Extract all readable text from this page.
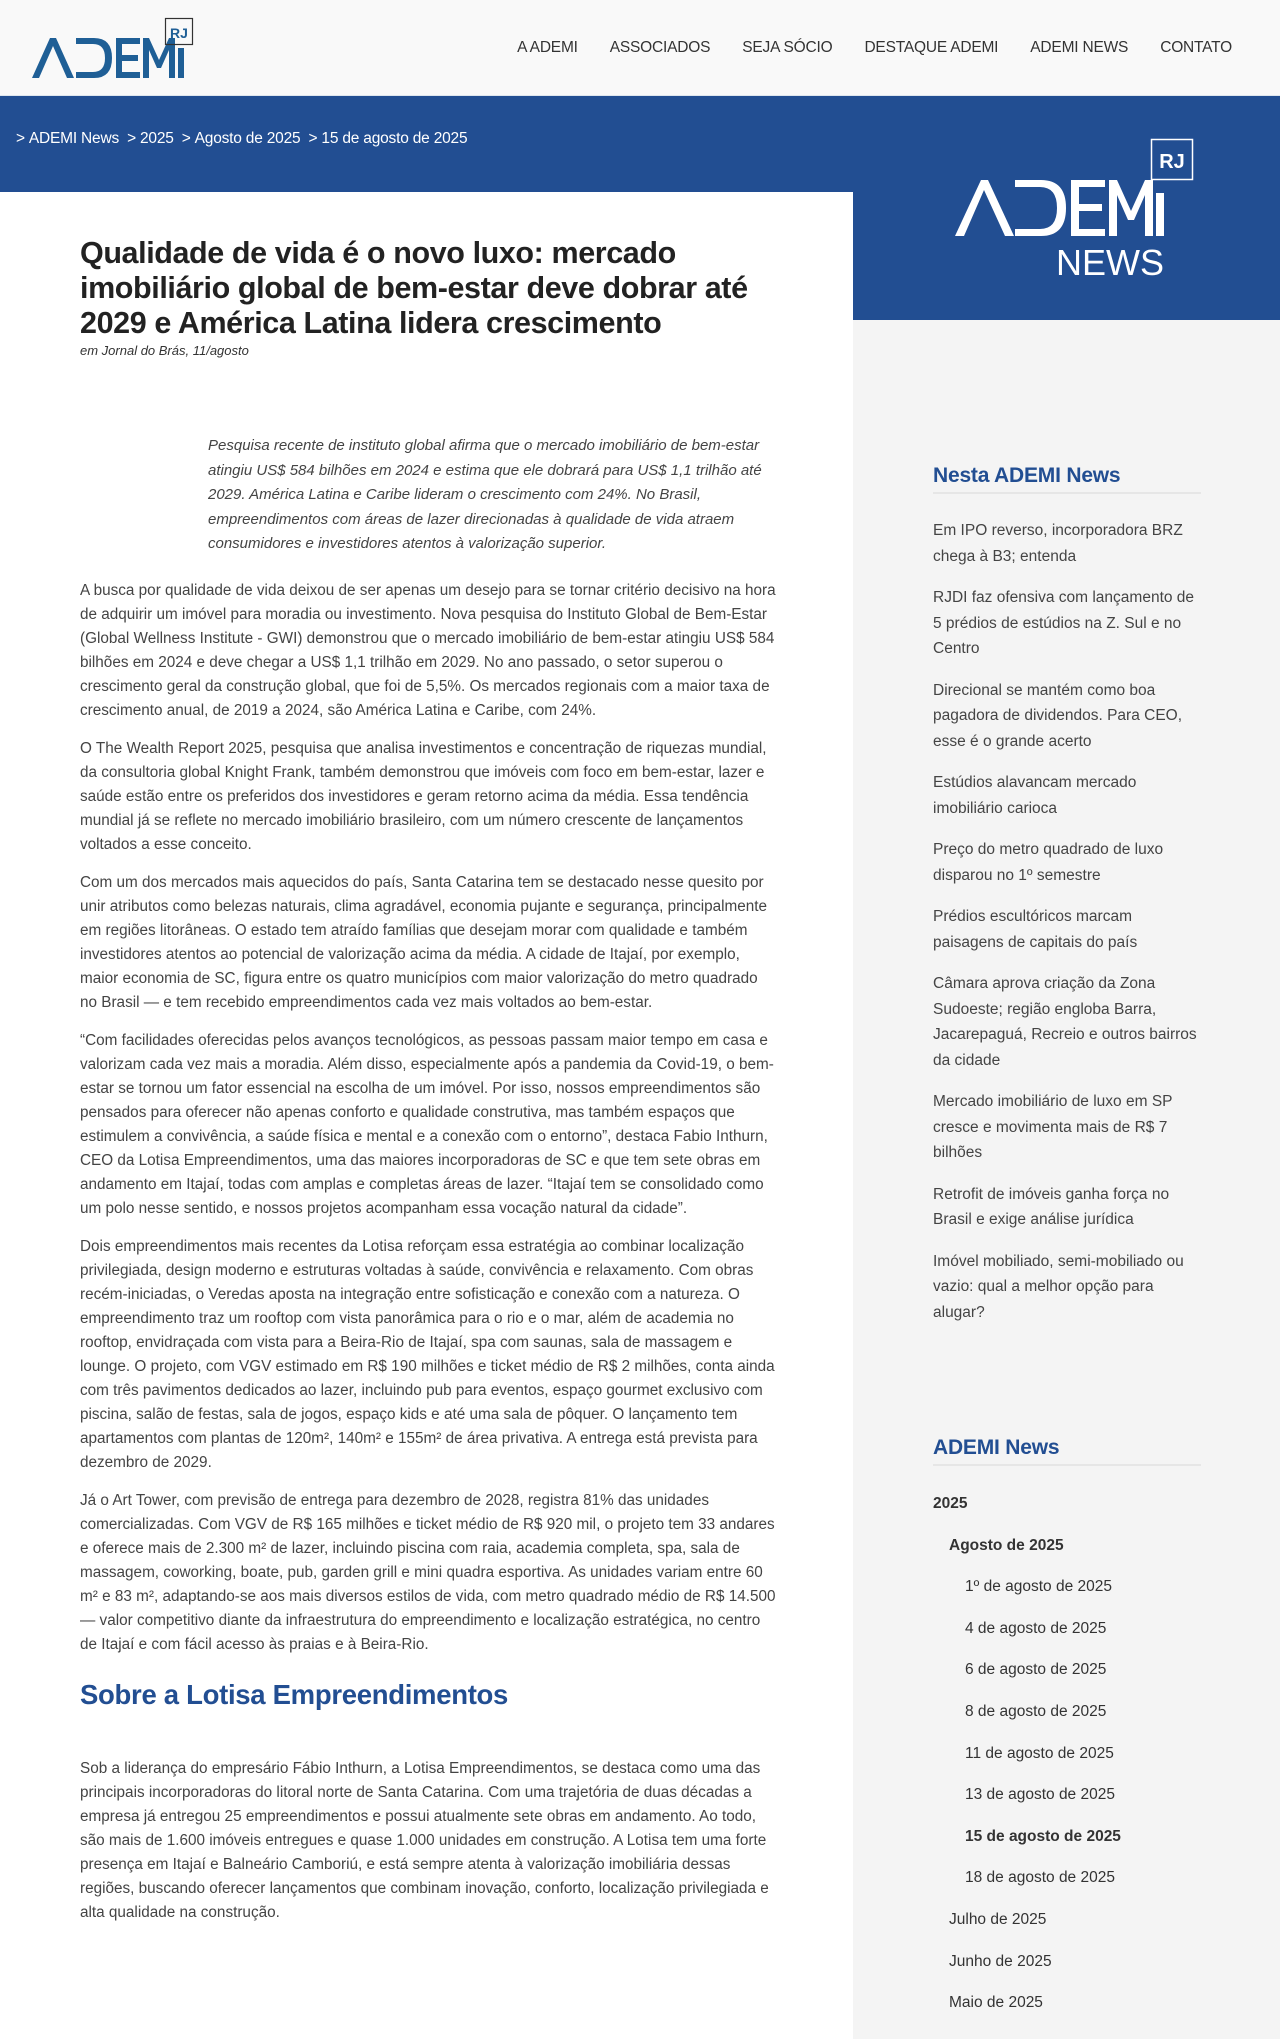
RJ
A ADEMI	ASSOCIADOS	SEJA SÓCIO	DESTAQUE ADEMI	ADEMI NEWS	CONTATO
> ADEMI News > 2025 > Agosto de 2025 > 15 de agosto de 2025
RJ
NEWS
Nesta ADEMI News
Em IPO reverso, incorporadora BRZ chega à B3; entenda
RJDI faz ofensiva com lançamento de 5 prédios de estúdios na Z. Sul e no Centro
Direcional se mantém como boa pagadora de dividendos. Para CEO, esse é o grande acerto
Estúdios alavancam mercado imobiliário carioca
Preço do metro quadrado de luxo disparou no 1º semestre
Prédios escultóricos marcam paisagens de capitais do país
Câmara aprova criação da Zona Sudoeste; região engloba Barra, Jacarepaguá, Recreio e outros bairros da cidade
Mercado imobiliário de luxo em SP cresce e movimenta mais de R$ 7 bilhões
Retrofit de imóveis ganha força no Brasil e exige análise jurídica
Imóvel mobiliado, semi-mobiliado ou vazio: qual a melhor opção para alugar?
ADEMI News
2025
Agosto de 2025
1º de agosto de 2025
4 de agosto de 2025
6 de agosto de 2025
8 de agosto de 2025
11 de agosto de 2025
13 de agosto de 2025
15 de agosto de 2025
18 de agosto de 2025
Julho de 2025
Junho de 2025
Maio de 2025
Qualidade de vida é o novo luxo: mercado imobiliário global de bem-estar deve dobrar até 2029 e América Latina lidera crescimento

em Jornal do Brás, 11/agosto

Pesquisa recente de instituto global afirma que o mercado imobiliário de bem-estar atingiu US$ 584 bilhões em 2024 e estima que ele dobrará para US$ 1,1 trilhão até 2029. América Latina e Caribe lideram o crescimento com 24%. No Brasil, empreendimentos com áreas de lazer direcionadas à qualidade de vida atraem consumidores e investidores atentos à valorização superior.

A busca por qualidade de vida deixou de ser apenas um desejo para se tornar critério decisivo na hora de adquirir um imóvel para moradia ou investimento. Nova pesquisa do Instituto Global de Bem-Estar (Global Wellness Institute - GWI) demonstrou que o mercado imobiliário de bem-estar atingiu US$ 584 bilhões em 2024 e deve chegar a US$ 1,1 trilhão em 2029. No ano passado, o setor superou o crescimento geral da construção global, que foi de 5,5%. Os mercados regionais com a maior taxa de crescimento anual, de 2019 a 2024, são América Latina e Caribe, com 24%.

O The Wealth Report 2025, pesquisa que analisa investimentos e concentração de riquezas mundial, da consultoria global Knight Frank, também demonstrou que imóveis com foco em bem-estar, lazer e saúde estão entre os preferidos dos investidores e geram retorno acima da média. Essa tendência mundial já se reflete no mercado imobiliário brasileiro, com um número crescente de lançamentos voltados a esse conceito.

Com um dos mercados mais aquecidos do país, Santa Catarina tem se destacado nesse quesito por unir atributos como belezas naturais, clima agradável, economia pujante e segurança, principalmente em regiões litorâneas. O estado tem atraído famílias que desejam morar com qualidade e também investidores atentos ao potencial de valorização acima da média. A cidade de Itajaí, por exemplo, maior economia de SC, figura entre os quatro municípios com maior valorização do metro quadrado no Brasil — e tem recebido empreendimentos cada vez mais voltados ao bem-estar.

“Com facilidades oferecidas pelos avanços tecnológicos, as pessoas passam maior tempo em casa e valorizam cada vez mais a moradia. Além disso, especialmente após a pandemia da Covid-19, o bem-estar se tornou um fator essencial na escolha de um imóvel. Por isso, nossos empreendimentos são pensados para oferecer não apenas conforto e qualidade construtiva, mas também espaços que estimulem a convivência, a saúde física e mental e a conexão com o entorno”, destaca Fabio Inthurn, CEO da Lotisa Empreendimentos, uma das maiores incorporadoras de SC e que tem sete obras em andamento em Itajaí, todas com amplas e completas áreas de lazer. “Itajaí tem se consolidado como um polo nesse sentido, e nossos projetos acompanham essa vocação natural da cidade”.

Dois empreendimentos mais recentes da Lotisa reforçam essa estratégia ao combinar localização privilegiada, design moderno e estruturas voltadas à saúde, convivência e relaxamento. Com obras recém-iniciadas, o Veredas aposta na integração entre sofisticação e conexão com a natureza. O empreendimento traz um rooftop com vista panorâmica para o rio e o mar, além de academia no rooftop, envidraçada com vista para a Beira-Rio de Itajaí, spa com saunas, sala de massagem e lounge. O projeto, com VGV estimado em R$ 190 milhões e ticket médio de R$ 2 milhões, conta ainda com três pavimentos dedicados ao lazer, incluindo pub para eventos, espaço gourmet exclusivo com piscina, salão de festas, sala de jogos, espaço kids e até uma sala de pôquer. O lançamento tem apartamentos com plantas de 120m², 140m² e 155m² de área privativa. A entrega está prevista para dezembro de 2029.

Já o Art Tower, com previsão de entrega para dezembro de 2028, registra 81% das unidades comercializadas. Com VGV de R$ 165 milhões e ticket médio de R$ 920 mil, o projeto tem 33 andares e oferece mais de 2.300 m² de lazer, incluindo piscina com raia, academia completa, spa, sala de massagem, coworking, boate, pub, garden grill e mini quadra esportiva. As unidades variam entre 60 m² e 83 m², adaptando-se aos mais diversos estilos de vida, com metro quadrado médio de R$ 14.500 — valor competitivo diante da infraestrutura do empreendimento e localização estratégica, no centro de Itajaí e com fácil acesso às praias e à Beira-Rio.

Sobre a Lotisa Empreendimentos

Sob a liderança do empresário Fábio Inthurn, a Lotisa Empreendimentos, se destaca como uma das principais incorporadoras do litoral norte de Santa Catarina. Com uma trajetória de duas décadas a empresa já entregou 25 empreendimentos e possui atualmente sete obras em andamento. Ao todo, são mais de 1.600 imóveis entregues e quase 1.000 unidades em construção. A Lotisa tem uma forte presença em Itajaí e Balneário Camboriú, e está sempre atenta à valorização imobiliária dessas regiões, buscando oferecer lançamentos que combinam inovação, conforto, localização privilegiada e alta qualidade na construção.
